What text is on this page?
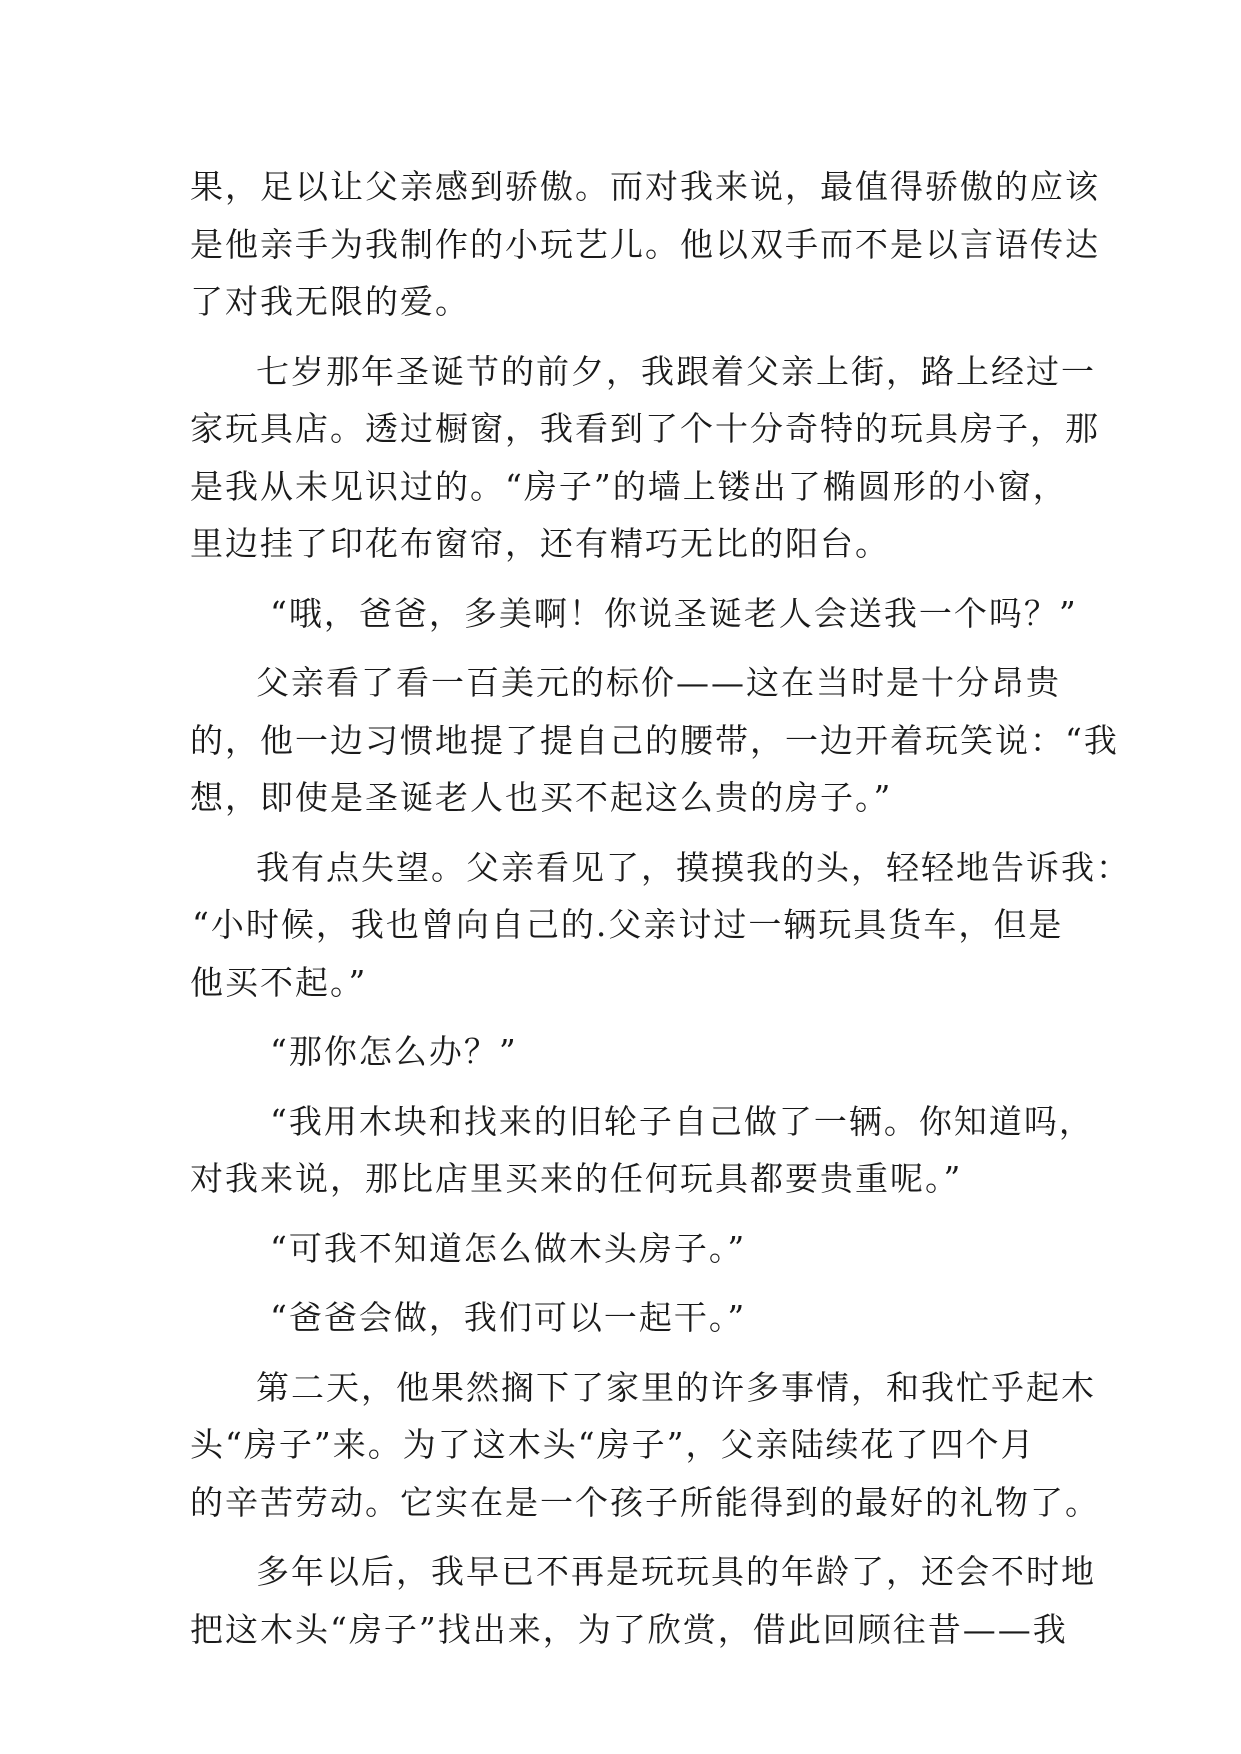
果，足以让父亲感到骄傲。而对我来说，最值得骄傲的应该
是他亲手为我制作的小玩艺儿。他以双手而不是以言语传达
了对我无限的爱。
七岁那年圣诞节的前夕，我跟着父亲上街，路上经过一
家玩具店。透过橱窗，我看到了个十分奇特的玩具房子，那
是我从未见识过的。“房子”的墙上镂出了椭圆形的小窗，
里边挂了印花布窗帘，还有精巧无比的阳台。
“哦，爸爸，多美啊！你说圣诞老人会送我一个吗？”
父亲看了看一百美元的标价——这在当时是十分昂贵
的，他一边习惯地提了提自己的腰带，一边开着玩笑说：“我
想，即使是圣诞老人也买不起这么贵的房子。”
我有点失望。父亲看见了，摸摸我的头，轻轻地告诉我：
“小时候，我也曾向自己的.父亲讨过一辆玩具货车，但是
他买不起。”
“那你怎么办？”
“我用木块和找来的旧轮子自己做了一辆。你知道吗，
对我来说，那比店里买来的任何玩具都要贵重呢。”
“可我不知道怎么做木头房子。”
“爸爸会做，我们可以一起干。”
第二天，他果然搁下了家里的许多事情，和我忙乎起木
头“房子”来。为了这木头“房子”，父亲陆续花了四个月
的辛苦劳动。它实在是一个孩子所能得到的最好的礼物了。
多年以后，我早已不再是玩玩具的年龄了，还会不时地
把这木头“房子”找出来，为了欣赏，借此回顾往昔——我
